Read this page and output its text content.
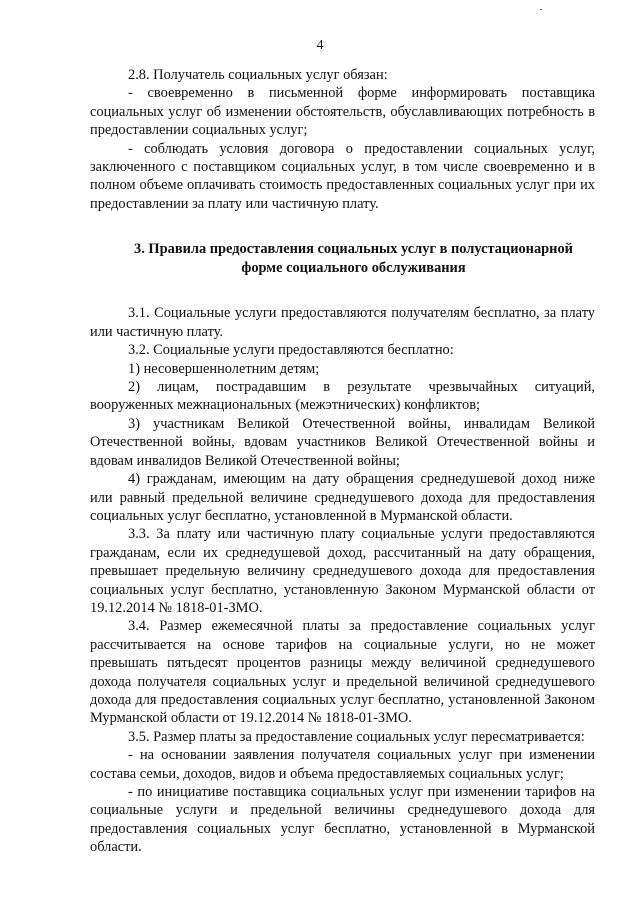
4

2.8. Получатель социальных услуг обязан:

- своевременно в письменной форме информировать поставщика социальных услуг об изменении обстоятельств, обуславливающих потребность в предоставлении социальных услуг;

- соблюдать условия договора о предоставлении социальных услуг, заключенного с поставщиком социальных услуг, в том числе своевременно и в полном объеме оплачивать стоимость предоставленных социальных услуг при их предоставлении за плату или частичную плату.

3. Правила предоставления социальных услуг в полустационарной форме социального обслуживания

3.1. Социальные услуги предоставляются получателям бесплатно, за плату или частичную плату.

3.2. Социальные услуги предоставляются бесплатно:

1) несовершеннолетним детям;

2) лицам, пострадавшим в результате чрезвычайных ситуаций, вооруженных межнациональных (межэтнических) конфликтов;

3) участникам Великой Отечественной войны, инвалидам Великой Отечественной войны, вдовам участников Великой Отечественной войны и вдовам инвалидов Великой Отечественной войны;

4) гражданам, имеющим на дату обращения среднедушевой доход ниже или равный предельной величине среднедушевого дохода для предоставления социальных услуг бесплатно, установленной в Мурманской области.

3.3. За плату или частичную плату социальные услуги предоставляются гражданам, если их среднедушевой доход, рассчитанный на дату обращения, превышает предельную величину среднедушевого дохода для предоставления социальных услуг бесплатно, установленную Законом Мурманской области от 19.12.2014 № 1818-01-ЗМО.

3.4. Размер ежемесячной платы за предоставление социальных услуг рассчитывается на основе тарифов на социальные услуги, но не может превышать пятьдесят процентов разницы между величиной среднедушевого дохода получателя социальных услуг и предельной величиной среднедушевого дохода для предоставления социальных услуг бесплатно, установленной Законом Мурманской области от 19.12.2014 № 1818-01-ЗМО.

3.5. Размер платы за предоставление социальных услуг пересматривается:

- на основании заявления получателя социальных услуг при изменении состава семьи, доходов, видов и объема предоставляемых социальных услуг;

- по инициативе поставщика социальных услуг при изменении тарифов на социальные услуги и предельной величины среднедушевого дохода для предоставления социальных услуг бесплатно, установленной в Мурманской области.
